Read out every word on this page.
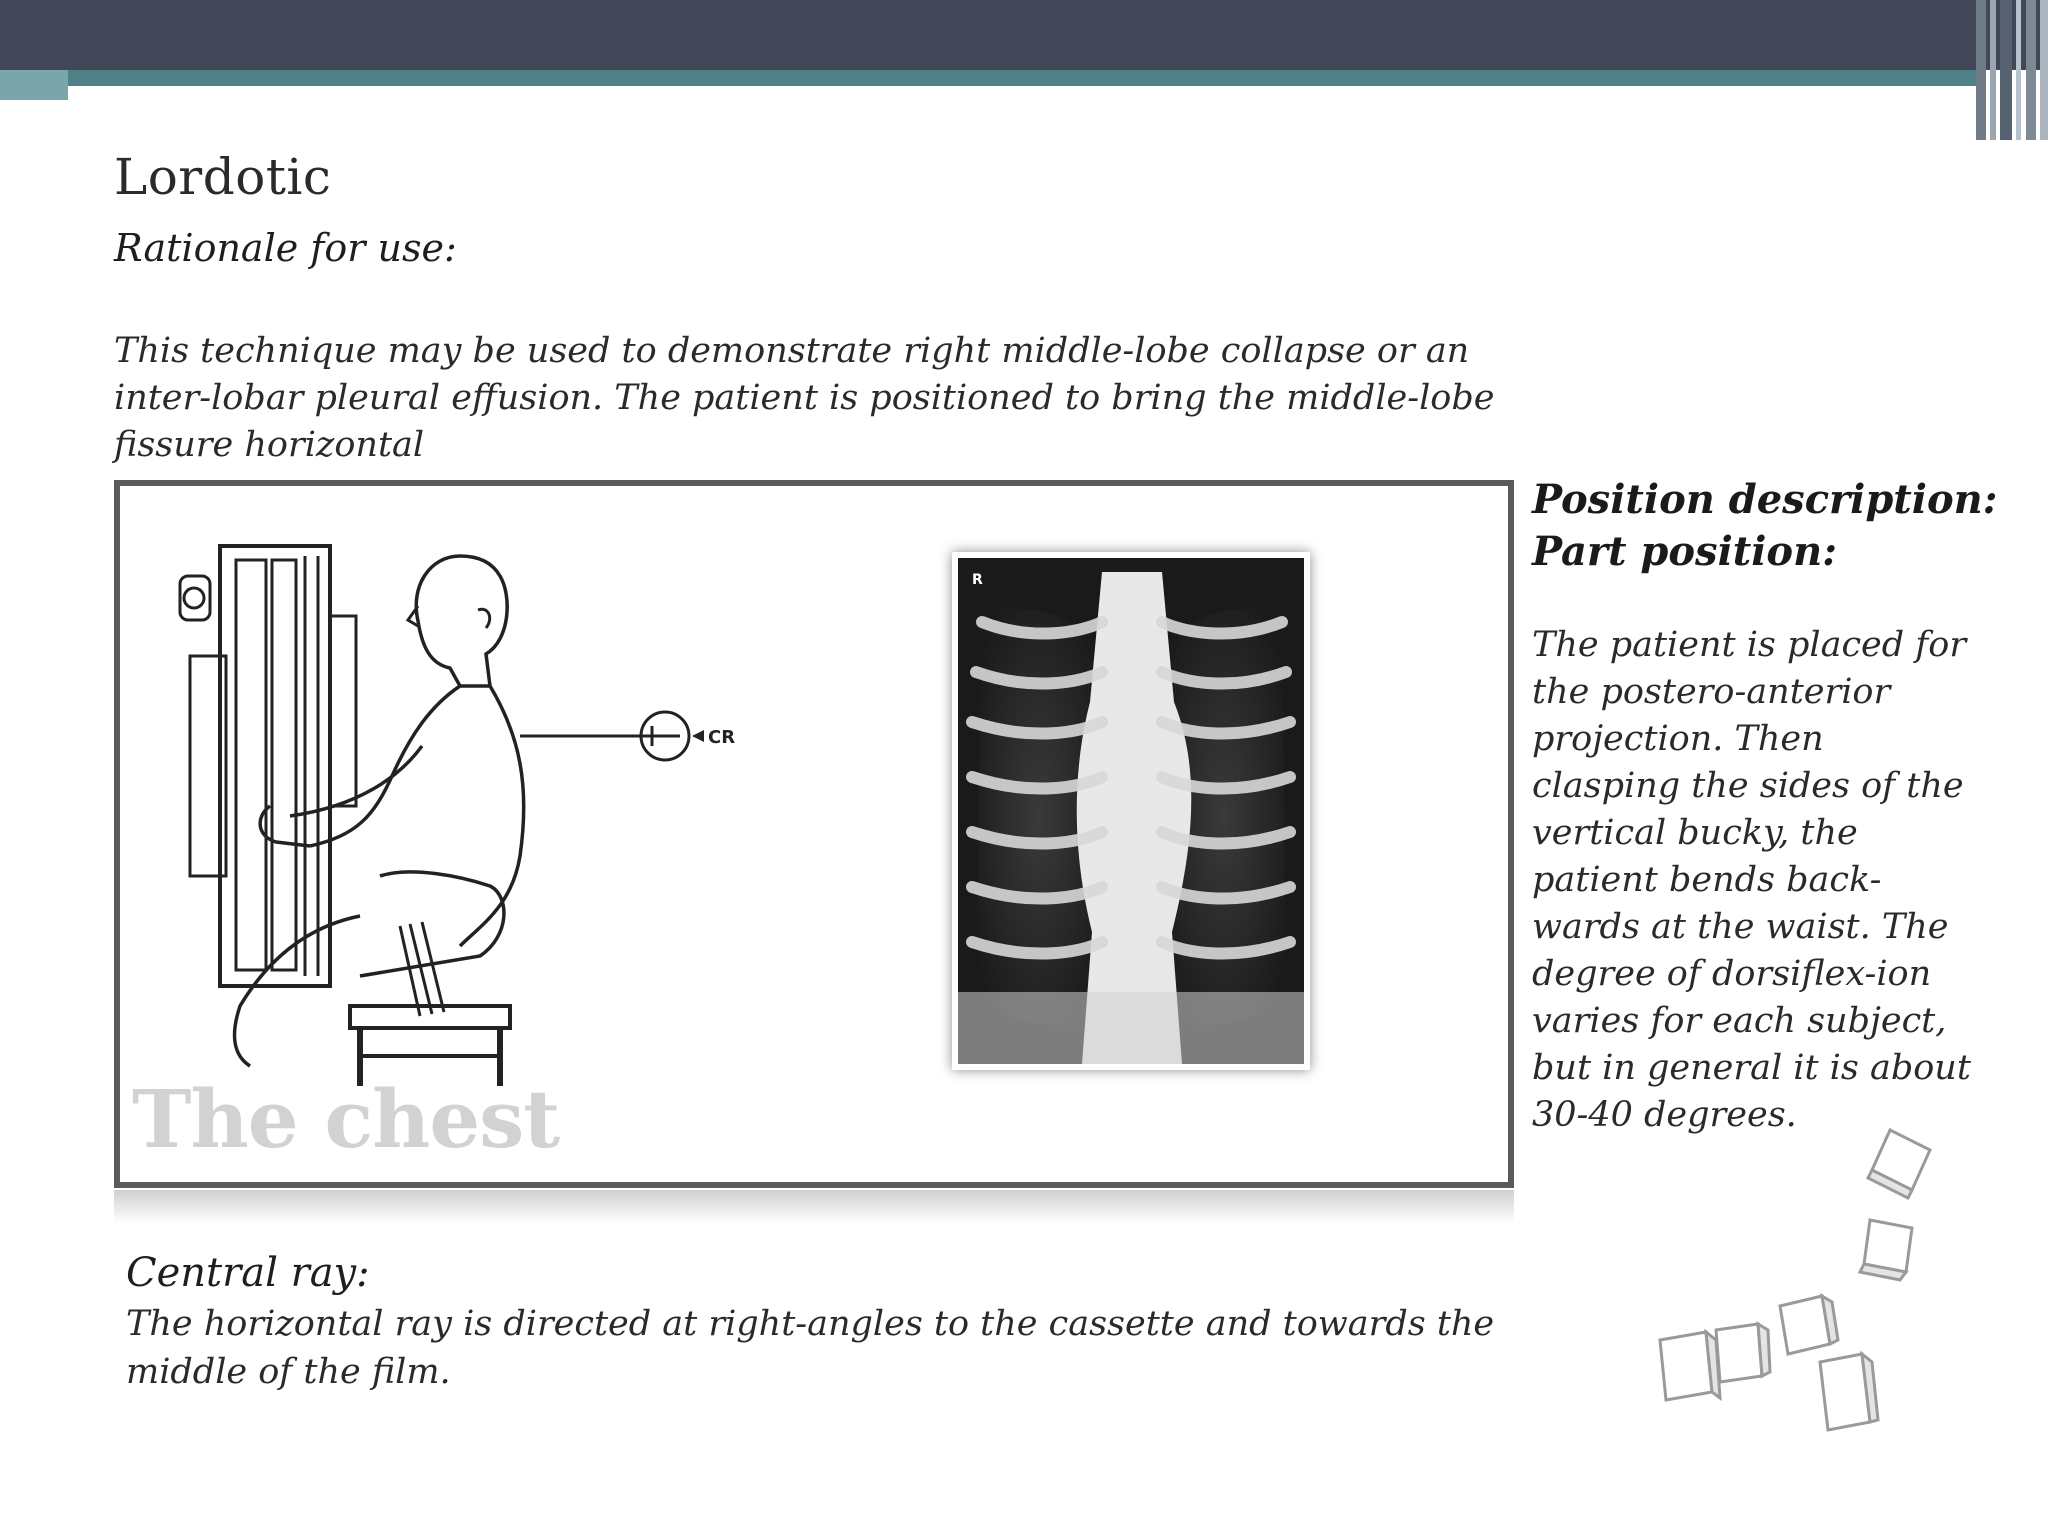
Lordotic
Rationale for use:
This technique may be used to demonstrate right middle-lobe collapse or an inter-lobar pleural effusion. The patient is positioned to bring the middle-lobe fissure horizontal
CR
R
The chest
Position description:
Part position:
The patient is placed for the postero-anterior projection. Then clasping the sides of the vertical bucky, the patient bends back-wards at the waist. The degree of dorsiflex-ion varies for each subject, but in general it is about 30-40 degrees.
Central ray:
The horizontal ray is directed at right-angles to the cassette and towards the middle of the film.
